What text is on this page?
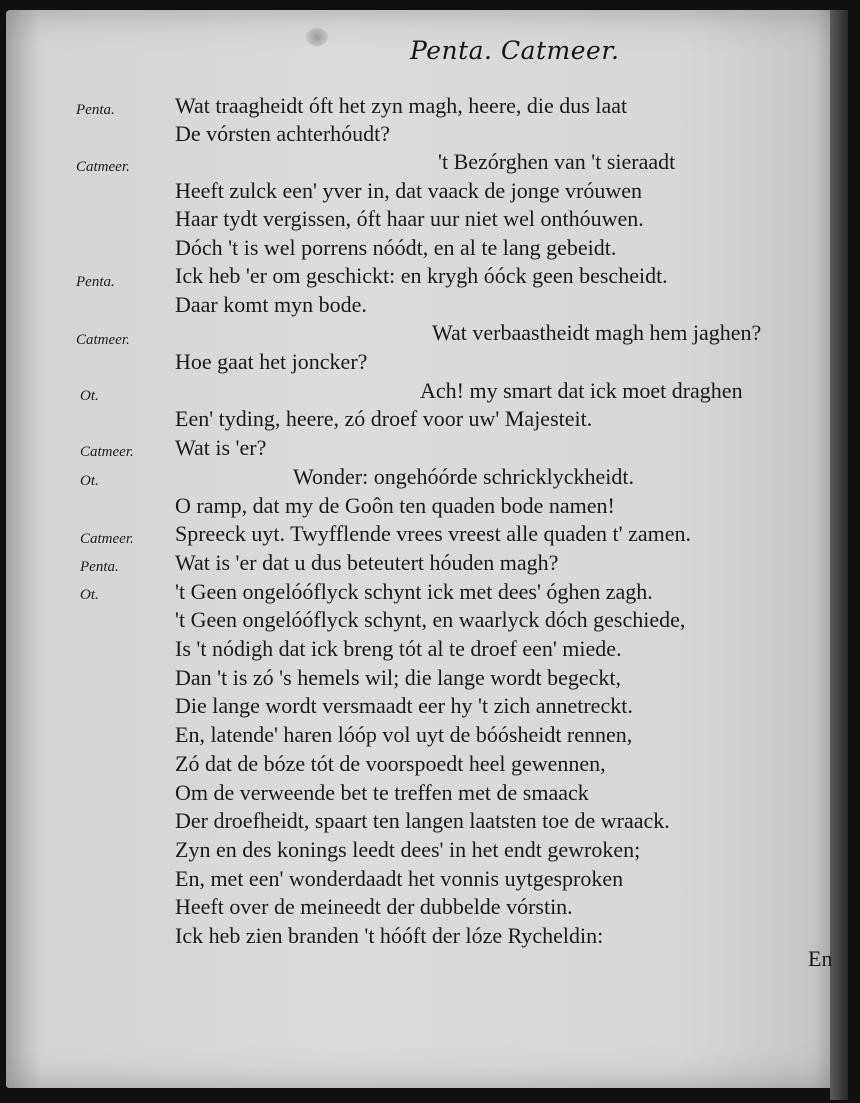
Penta. Catmeer.
Penta.
Catmeer.
Penta.
Catmeer.
Ot.
Catmeer.
Ot.
Catmeer.
Penta.
Ot.
Wat traagheidt óft het zyn magh, heere, die dus laat
De vórsten achterhóudt?
't Bezórghen van 't sieraadt
Heeft zulck een' yver in, dat vaack de jonge vróuwen
Haar tydt vergissen, óft haar uur niet wel onthóuwen.
Dóch 't is wel porrens nóódt, en al te lang gebeidt.
Ick heb 'er om geschickt: en krygh óóck geen bescheidt.
Daar komt myn bode.
Wat verbaastheidt magh hem jaghen?
Hoe gaat het joncker?
Ach! my smart dat ick moet draghen
Een' tyding, heere, zó droef voor uw' Majesteit.
Wat is 'er?
Wonder: ongehóórde schricklyckheidt.
O ramp, dat my de Goôn ten quaden bode namen!
Spreeck uyt. Twyfflende vrees vreest alle quaden t' zamen.
Wat is 'er dat u dus beteutert hóuden magh?
't Geen ongelóóflyck schynt ick met dees' óghen zagh.
't Geen ongelóóflyck schynt, en waarlyck dóch geschiede,
Is 't nódigh dat ick breng tót al te droef een' miede.
Dan 't is zó 's hemels wil; die lange wordt begeckt,
Die lange wordt versmaadt eer hy 't zich annetreckt.
En, latende' haren lóóp vol uyt de bóósheidt rennen,
Zó dat de bóze tót de voorspoedt heel gewennen,
Om de verweende bet te treffen met de smaack
Der droefheidt, spaart ten langen laatsten toe de wraack.
Zyn en des konings leedt dees' in het endt gewroken;
En, met een' wonderdaadt het vonnis uytgesproken
Heeft over de meineedt der dubbelde vórstin.
Ick heb zien branden 't hóóft der lóze Rycheldin:
En
